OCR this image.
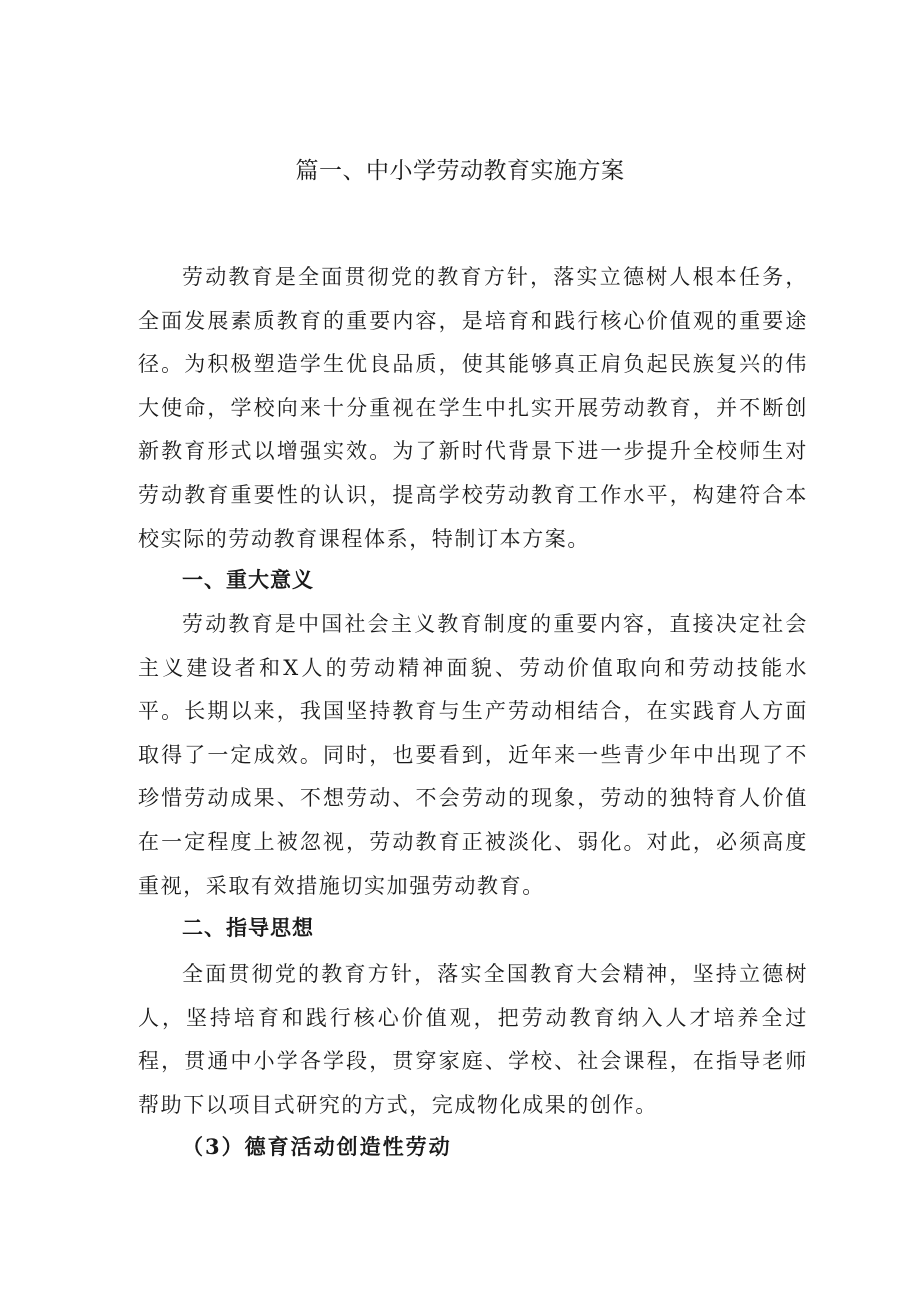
篇一、中小学劳动教育实施方案

劳动教育是全面贯彻党的教育方针，落实立德树人根本任务，全面发展素质教育的重要内容，是培育和践行核心价值观的重要途径。为积极塑造学生优良品质，使其能够真正肩负起民族复兴的伟大使命，学校向来十分重视在学生中扎实开展劳动教育，并不断创新教育形式以增强实效。为了新时代背景下进一步提升全校师生对劳动教育重要性的认识，提高学校劳动教育工作水平，构建符合本校实际的劳动教育课程体系，特制订本方案。

一、重大意义

劳动教育是中国社会主义教育制度的重要内容，直接决定社会主义建设者和X人的劳动精神面貌、劳动价值取向和劳动技能水平。长期以来，我国坚持教育与生产劳动相结合，在实践育人方面取得了一定成效。同时，也要看到，近年来一些青少年中出现了不珍惜劳动成果、不想劳动、不会劳动的现象，劳动的独特育人价值在一定程度上被忽视，劳动教育正被淡化、弱化。对此，必须高度重视，采取有效措施切实加强劳动教育。

二、指导思想

全面贯彻党的教育方针，落实全国教育大会精神，坚持立德树人，坚持培育和践行核心价值观，把劳动教育纳入人才培养全过程，贯通中小学各学段，贯穿家庭、学校、社会课程，在指导老师帮助下以项目式研究的方式，完成物化成果的创作。

（3）德育活动创造性劳动
